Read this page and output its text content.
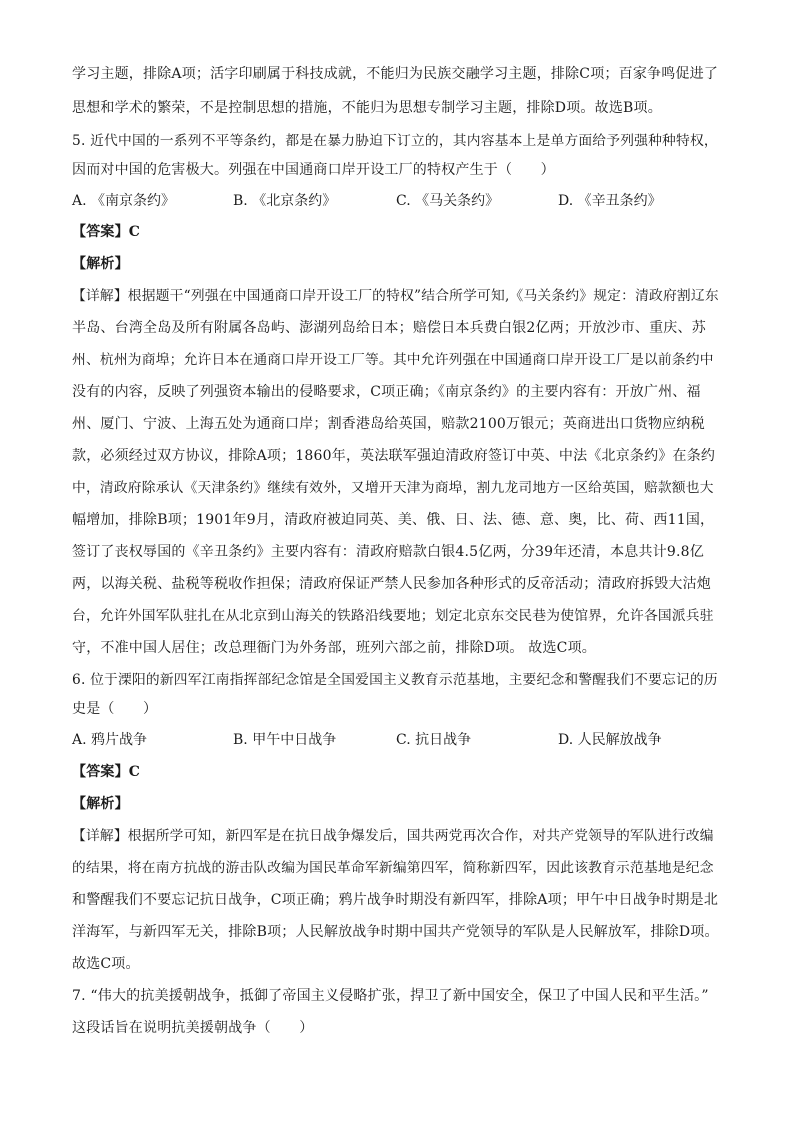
学习主题，排除A项；活字印刷属于科技成就，不能归为民族交融学习主题，排除C项；百家争鸣促进了
思想和学术的繁荣，不是控制思想的措施，不能归为思想专制学习主题，排除D项。故选B项。
5. 近代中国的一系列不平等条约，都是在暴力胁迫下订立的，其内容基本上是单方面给予列强种种特权，
因而对中国的危害极大。列强在中国通商口岸开设工厂的特权产生于（　　）
A. 《南京条约》	B. 《北京条约》	C. 《马关条约》	D. 《辛丑条约》
【答案】C
【解析】
【详解】根据题干“列强在中国通商口岸开设工厂的特权”结合所学可知,《马关条约》规定：清政府割辽东
半岛、台湾全岛及所有附属各岛屿、澎湖列岛给日本；赔偿日本兵费白银2亿两；开放沙市、重庆、苏
州、杭州为商埠；允许日本在通商口岸开设工厂等。其中允许列强在中国通商口岸开设工厂是以前条约中
没有的内容，反映了列强资本输出的侵略要求，C项正确；《南京条约》的主要内容有：开放广州、福
州、厦门、宁波、上海五处为通商口岸；割香港岛给英国，赔款2100万银元；英商进出口货物应纳税
款，必须经过双方协议，排除A项；1860年，英法联军强迫清政府签订中英、中法《北京条约》在条约
中，清政府除承认《天津条约》继续有效外，又增开天津为商埠，割九龙司地方一区给英国，赔款额也大
幅增加，排除B项；1901年9月，清政府被迫同英、美、俄、日、法、德、意、奥，比、荷、西11国，
签订了丧权辱国的《辛丑条约》主要内容有：清政府赔款白银4.5亿两，分39年还清，本息共计9.8亿
两，以海关税、盐税等税收作担保；清政府保证严禁人民参加各种形式的反帝活动；清政府拆毁大沽炮
台，允许外国军队驻扎在从北京到山海关的铁路沿线要地；划定北京东交民巷为使馆界，允许各国派兵驻
守，不准中国人居住；改总理衙门为外务部，班列六部之前，排除D项。 故选C项。
6. 位于溧阳的新四军江南指挥部纪念馆是全国爱国主义教育示范基地，主要纪念和警醒我们不要忘记的历
史是（　　）
A. 鸦片战争	B. 甲午中日战争	C. 抗日战争	D. 人民解放战争
【答案】C
【解析】
【详解】根据所学可知，新四军是在抗日战争爆发后，国共两党再次合作，对共产党领导的军队进行改编
的结果，将在南方抗战的游击队改编为国民革命军新编第四军，简称新四军，因此该教育示范基地是纪念
和警醒我们不要忘记抗日战争，C项正确；鸦片战争时期没有新四军，排除A项；甲午中日战争时期是北
洋海军，与新四军无关，排除B项；人民解放战争时期中国共产党领导的军队是人民解放军，排除D项。
故选C项。
7. “伟大的抗美援朝战争，抵御了帝国主义侵略扩张，捍卫了新中国安全，保卫了中国人民和平生活。”
这段话旨在说明抗美援朝战争（　　）
